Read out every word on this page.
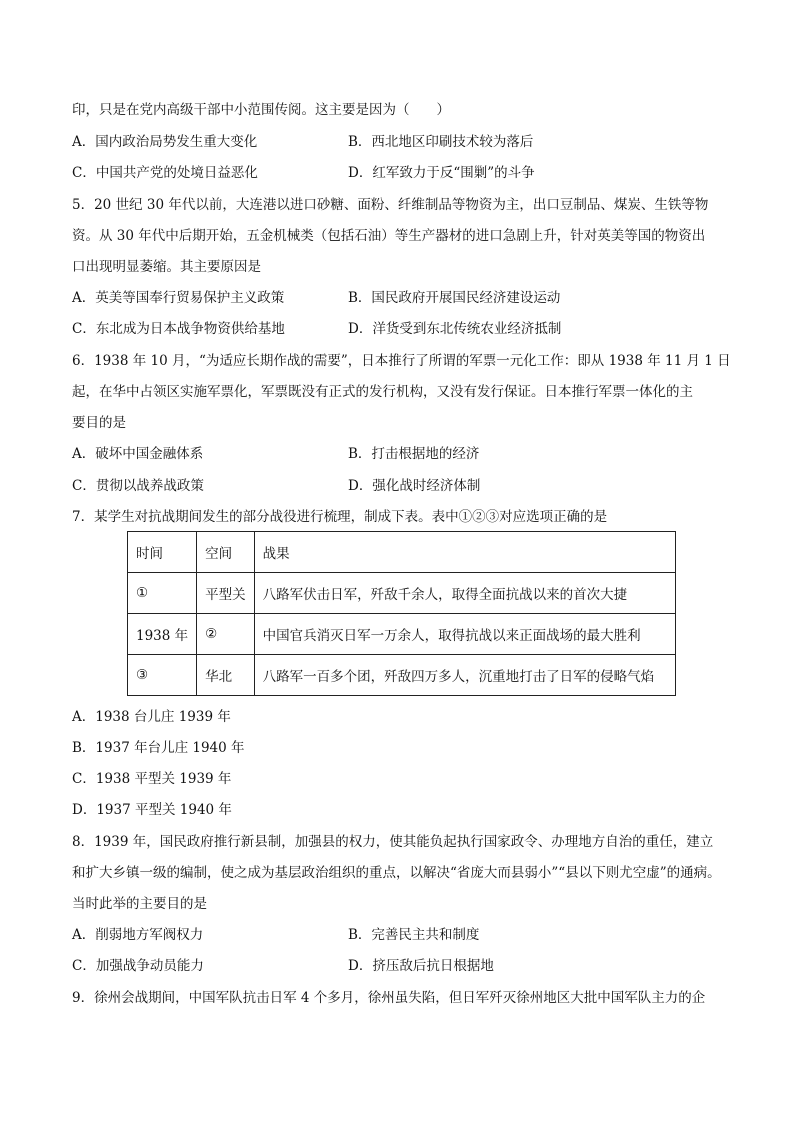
印，只是在党内高级干部中小范围传阅。这主要是因为（　　）
A．国内政治局势发生重大变化	B．西北地区印刷技术较为落后
C．中国共产党的处境日益恶化	D．红军致力于反“围剿”的斗争
5．20 世纪 30 年代以前，大连港以进口砂糖、面粉、纤维制品等物资为主，出口豆制品、煤炭、生铁等物
资。从 30 年代中后期开始，五金机械类（包括石油）等生产器材的进口急剧上升，针对英美等国的物资出
口出现明显萎缩。其主要原因是
A．英美等国奉行贸易保护主义政策	B．国民政府开展国民经济建设运动
C．东北成为日本战争物资供给基地	D．洋货受到东北传统农业经济抵制
6．1938 年 10 月，“为适应长期作战的需要”，日本推行了所谓的军票一元化工作：即从 1938 年 11 月 1 日
起，在华中占领区实施军票化，军票既没有正式的发行机构，又没有发行保证。日本推行军票一体化的主
要目的是
A．破坏中国金融体系	B．打击根据地的经济
C．贯彻以战养战政策	D．强化战时经济体制
7．某学生对抗战期间发生的部分战役进行梳理，制成下表。表中①②③对应选项正确的是
时间	空间	战果
①	平型关	八路军伏击日军，歼敌千余人，取得全面抗战以来的首次大捷
1938 年	②	中国官兵消灭日军一万余人，取得抗战以来正面战场的最大胜利
③	华北	八路军一百多个团，歼敌四万多人，沉重地打击了日军的侵略气焰
A．1938 台儿庄 1939 年
B．1937 年台儿庄 1940 年
C．1938 平型关 1939 年
D．1937 平型关 1940 年
8．1939 年，国民政府推行新县制，加强县的权力，使其能负起执行国家政令、办理地方自治的重任，建立
和扩大乡镇一级的编制，使之成为基层政治组织的重点，以解决“省庞大而县弱小”“县以下则尤空虚”的通病。
当时此举的主要目的是
A．削弱地方军阀权力	B．完善民主共和制度
C．加强战争动员能力	D．挤压敌后抗日根据地
9．徐州会战期间，中国军队抗击日军 4 个多月，徐州虽失陷，但日军歼灭徐州地区大批中国军队主力的企
